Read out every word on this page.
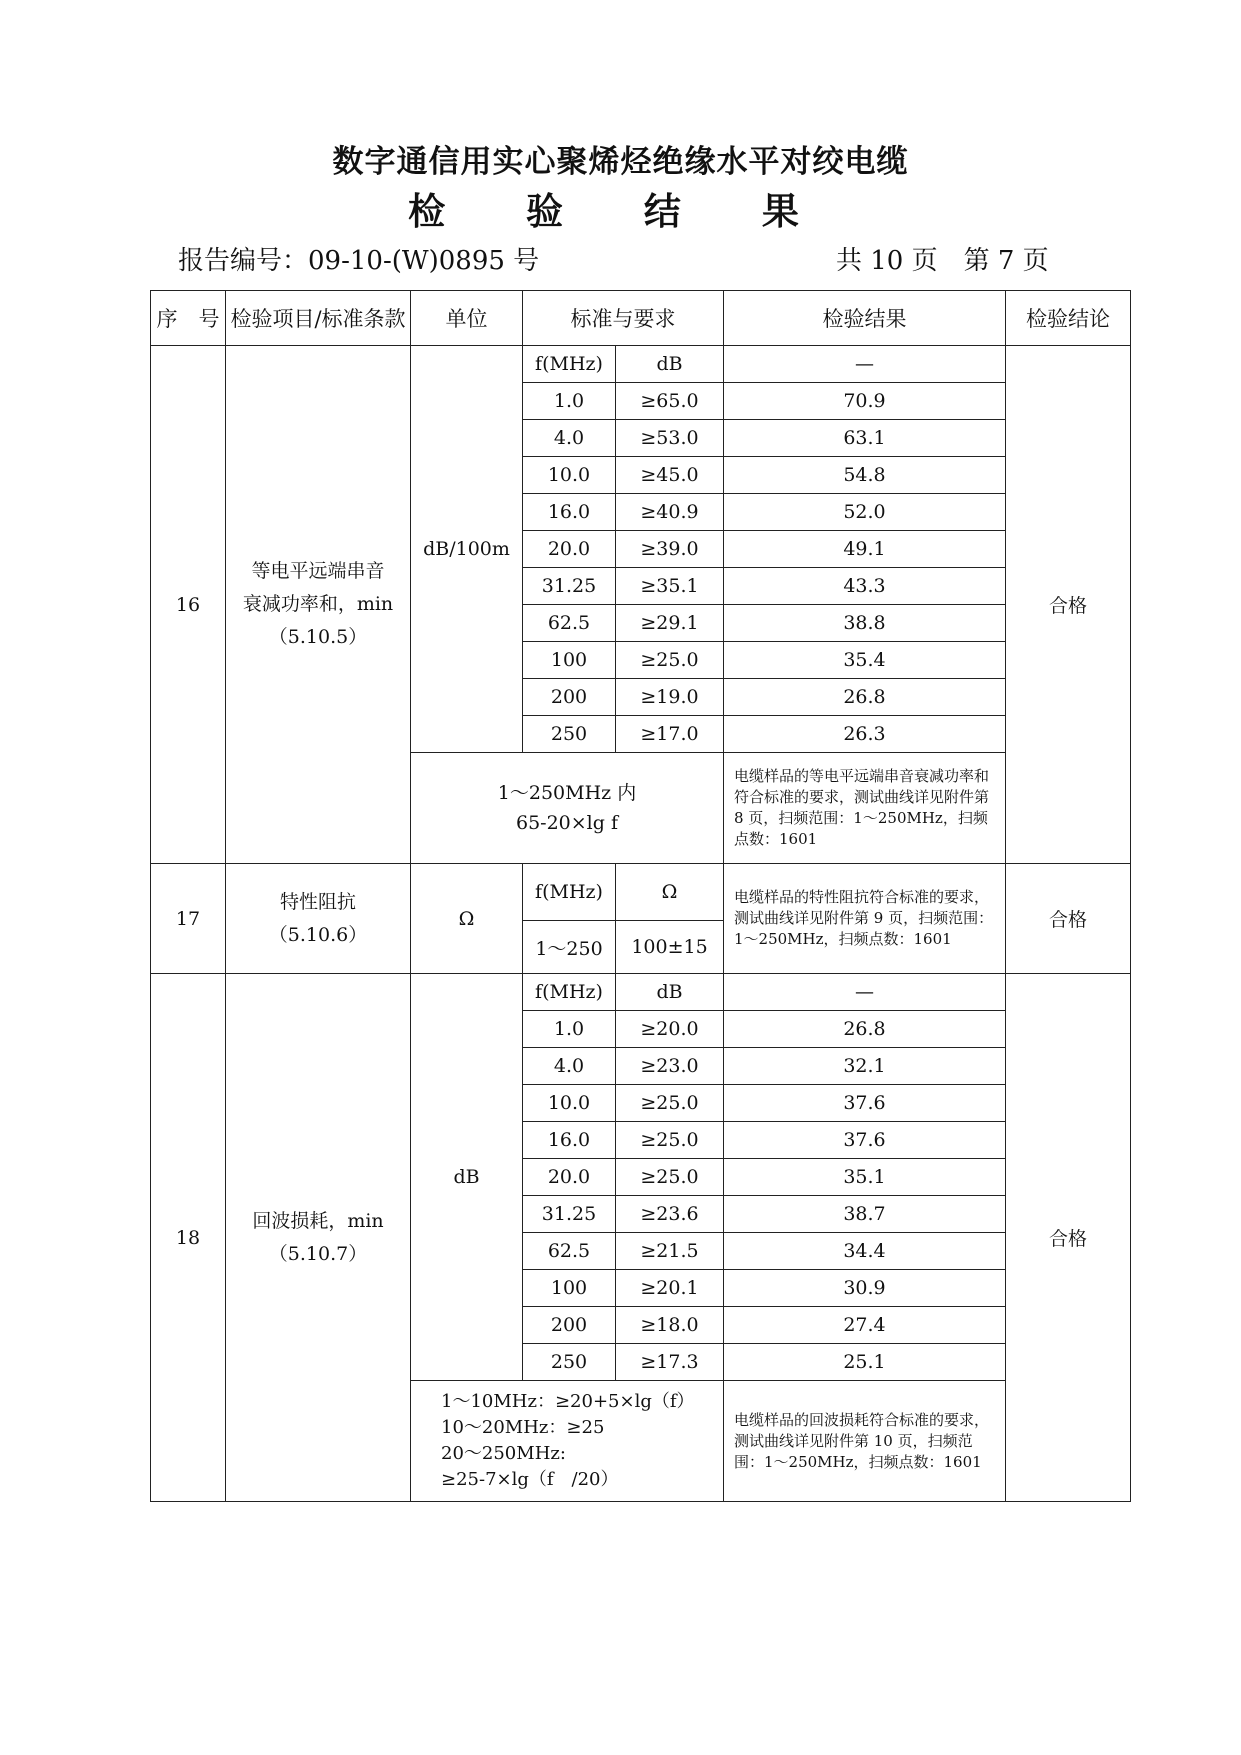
数字通信用实心聚烯烃绝缘水平对绞电缆
检 验 结 果
报告编号：09-10-(W)0895 号	共 10 页　第 7 页
序　号	检验项目/标准条款	单位	标准与要求		检验结果	检验结论
16	等电平远端串音
衰减功率和，min
（5.10.5）	dB/100m	f(MHz)	dB	—	合格
			1.0	≥65.0	70.9	
			4.0	≥53.0	63.1	
			10.0	≥45.0	54.8	
			16.0	≥40.9	52.0	
			20.0	≥39.0	49.1	
			31.25	≥35.1	43.3	
			62.5	≥29.1	38.8	
			100	≥25.0	35.4	
			200	≥19.0	26.8	
			250	≥17.0	26.3	

		1～250MHz 内
65-20×lg f			电缆样品的等电平远端串音衰减功率和符合标准的要求，测试曲线详见附件第 8 页，扫频范围：1～250MHz，扫频点数：1601	
17	特性阻抗
（5.10.6）	Ω	f(MHz)	Ω	电缆样品的特性阻抗符合标准的要求，测试曲线详见附件第 9 页，扫频范围：1～250MHz，扫频点数：1601	合格
			1～250	100±15		
18	回波损耗，min
（5.10.7）	dB	f(MHz)	dB	—	合格
			1.0	≥20.0	26.8	
			4.0	≥23.0	32.1	
			10.0	≥25.0	37.6	
			16.0	≥25.0	37.6	
			20.0	≥25.0	35.1	
			31.25	≥23.6	38.7	
			62.5	≥21.5	34.4	
			100	≥20.1	30.9	
			200	≥18.0	27.4	
			250	≥17.3	25.1	

		1～10MHz：≥20+5×lg（f）
10～20MHz：≥25
20～250MHz:
≥25-7×lg（f　/20）			电缆样品的回波损耗符合标准的要求，测试曲线详见附件第 10 页，扫频范围：1～250MHz，扫频点数：1601	
